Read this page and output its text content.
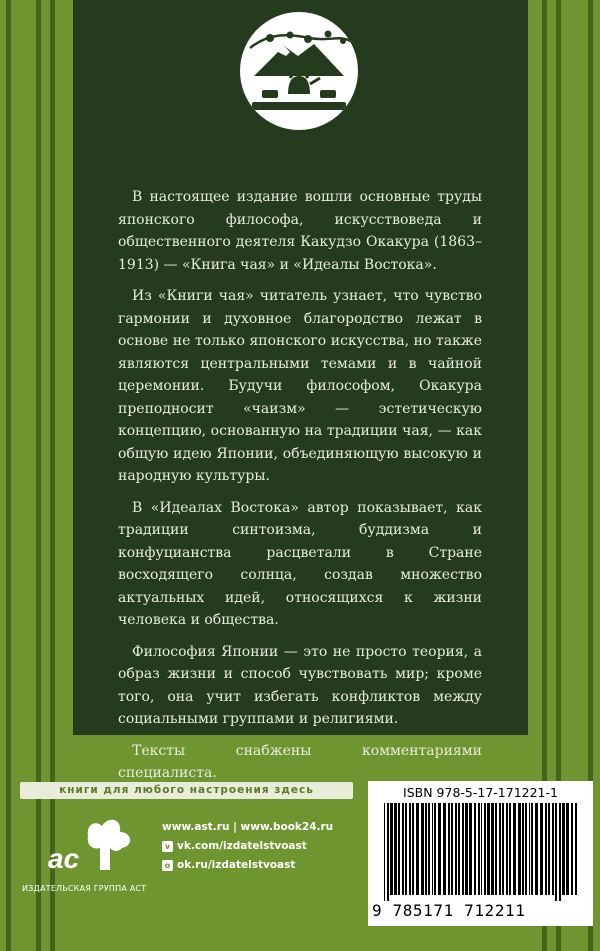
В настоящее издание вошли основные труды японского философа, искусствоведа и общественного деятеля Какудзо Окакура (1863–1913) — «Книга чая» и «Идеалы Востока».

Из «Книги чая» читатель узнает, что чувство гармонии и духовное благородство лежат в основе не только японского искусства, но также являются центральными темами и в чайной церемонии. Будучи философом, Окакура преподносит «чаизм» — эстетическую концепцию, основанную на традиции чая, — как общую идею Японии, объединяющую высокую и народную культуры.

В «Идеалах Востока» автор показывает, как традиции синтоизма, буддизма и конфуцианства расцветали в Стране восходящего солнца, создав множество актуальных идей, относящихся к жизни человека и общества.

Философия Японии — это не просто теория, а образ жизни и способ чувствовать мир; кроме того, она учит избегать конфликтов между социальными группами и религиями.

Тексты снабжены комментариями специалиста.

книги для любого настроения здесь
ac
ИЗДАТЕЛЬСКАЯ ГРУППА АСТ
www.ast.ru | www.book24.ru
v vk.com/izdatelstvoast
o ok.ru/izdatelstvoast
ISBN 978-5-17-171221-1
9 785171 712211
